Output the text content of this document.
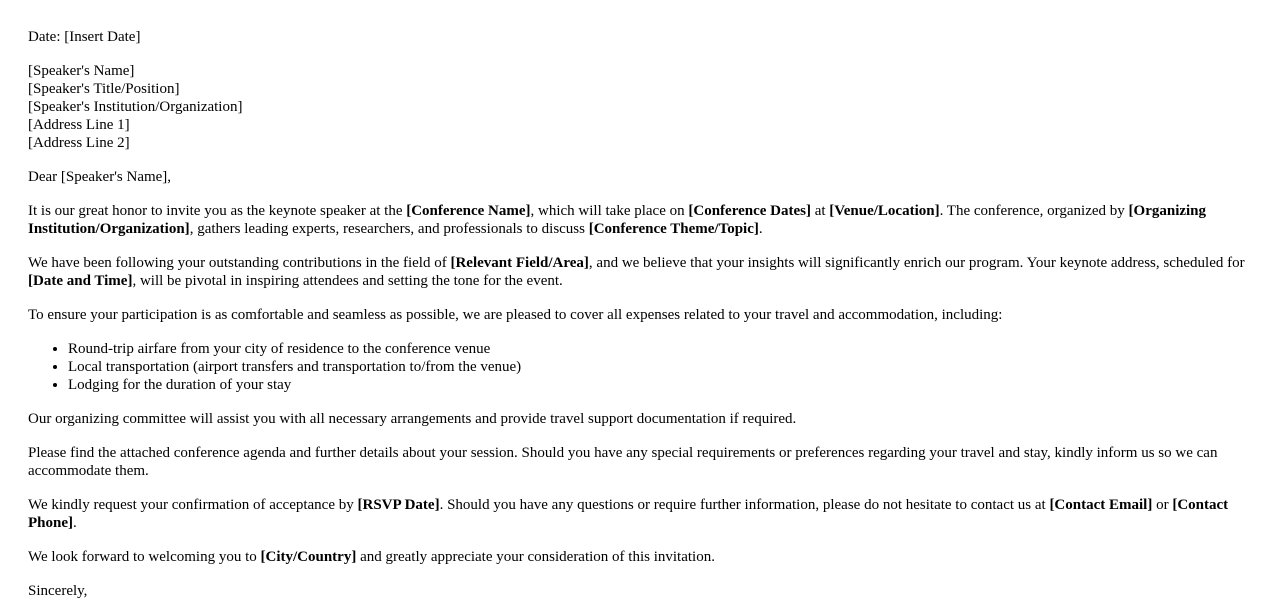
Date: [Insert Date]

[Speaker's Name]
[Speaker's Title/Position]
[Speaker's Institution/Organization]
[Address Line 1]
[Address Line 2]

Dear [Speaker's Name],

It is our great honor to invite you as the keynote speaker at the [Conference Name], which will take place on [Conference Dates] at [Venue/Location]. The conference, organized by [Organizing Institution/Organization], gathers leading experts, researchers, and professionals to discuss [Conference Theme/Topic].

We have been following your outstanding contributions in the field of [Relevant Field/Area], and we believe that your insights will significantly enrich our program. Your keynote address, scheduled for [Date and Time], will be pivotal in inspiring attendees and setting the tone for the event.

To ensure your participation is as comfortable and seamless as possible, we are pleased to cover all expenses related to your travel and accommodation, including:

• Round-trip airfare from your city of residence to the conference venue
• Local transportation (airport transfers and transportation to/from the venue)
• Lodging for the duration of your stay

Our organizing committee will assist you with all necessary arrangements and provide travel support documentation if required.

Please find the attached conference agenda and further details about your session. Should you have any special requirements or preferences regarding your travel and stay, kindly inform us so we can accommodate them.

We kindly request your confirmation of acceptance by [RSVP Date]. Should you have any questions or require further information, please do not hesitate to contact us at [Contact Email] or [Contact Phone].

We look forward to welcoming you to [City/Country] and greatly appreciate your consideration of this invitation.

Sincerely,
